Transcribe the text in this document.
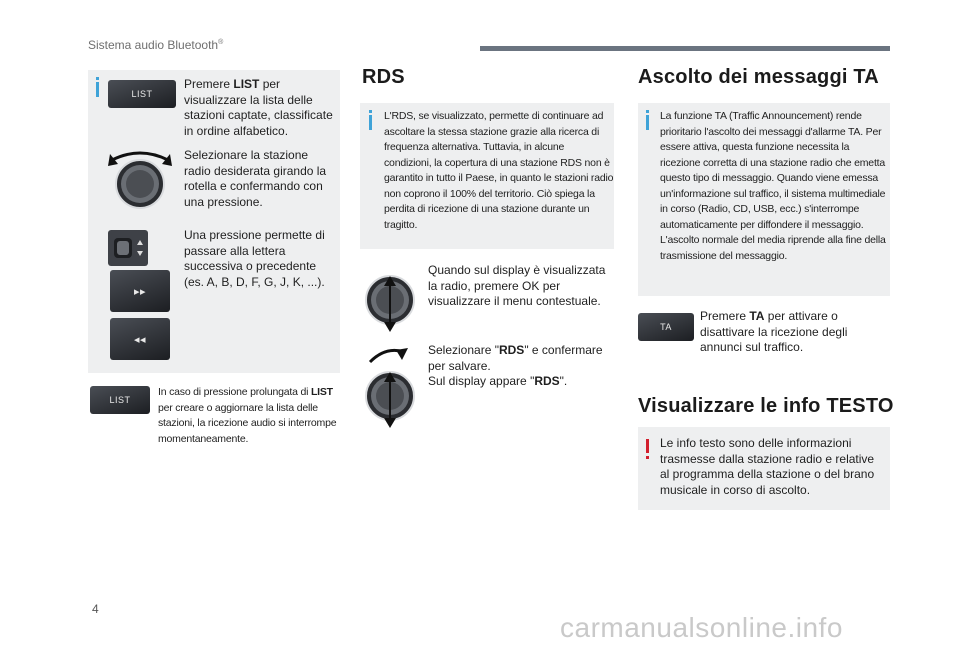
Sistema audio Bluetooth®
LIST
Premere LIST per visualizzare la lista delle stazioni captate, classificate in ordine alfabetico.
Selezionare la stazione radio desiderata girando la rotella e confermando con una pressione.
Una pressione permette di passare alla lettera successiva o precedente (es. A, B, D, F, G, J, K, ...).
▸▸
◂◂
LIST
In caso di pressione prolungata di LIST per creare o aggiornare la lista delle stazioni, la ricezione audio si interrompe momentaneamente.
RDS
L'RDS, se visualizzato, permette di continuare ad ascoltare la stessa stazione grazie alla ricerca di frequenza alternativa. Tuttavia, in alcune condizioni, la copertura di una stazione RDS non è garantito in tutto il Paese, in quanto le stazioni radio non coprono il 100% del territorio. Ciò spiega la perdita di ricezione di una stazione durante un tragitto.
Quando sul display è visualizzata la radio, premere OK per visualizzare il menu contestuale.
Selezionare "RDS" e confermare per salvare.
Sul display appare "RDS".
Ascolto dei messaggi TA
La funzione TA (Traffic Announcement) rende prioritario l'ascolto dei messaggi d'allarme TA. Per essere attiva, questa funzione necessita la ricezione corretta di una stazione radio che emetta questo tipo di messaggio. Quando viene emessa un'informazione sul traffico, il sistema multimediale in corso (Radio, CD, USB, ecc.) s'interrompe automaticamente per diffondere il messaggio. L'ascolto normale del media riprende alla fine della trasmissione del messaggio.
TA
Premere TA per attivare o disattivare la ricezione degli annunci sul traffico.
Visualizzare le info TESTO
Le info testo sono delle informazioni trasmesse dalla stazione radio e relative al programma della stazione o del brano musicale in corso di ascolto.
4
carmanualsonline.info
